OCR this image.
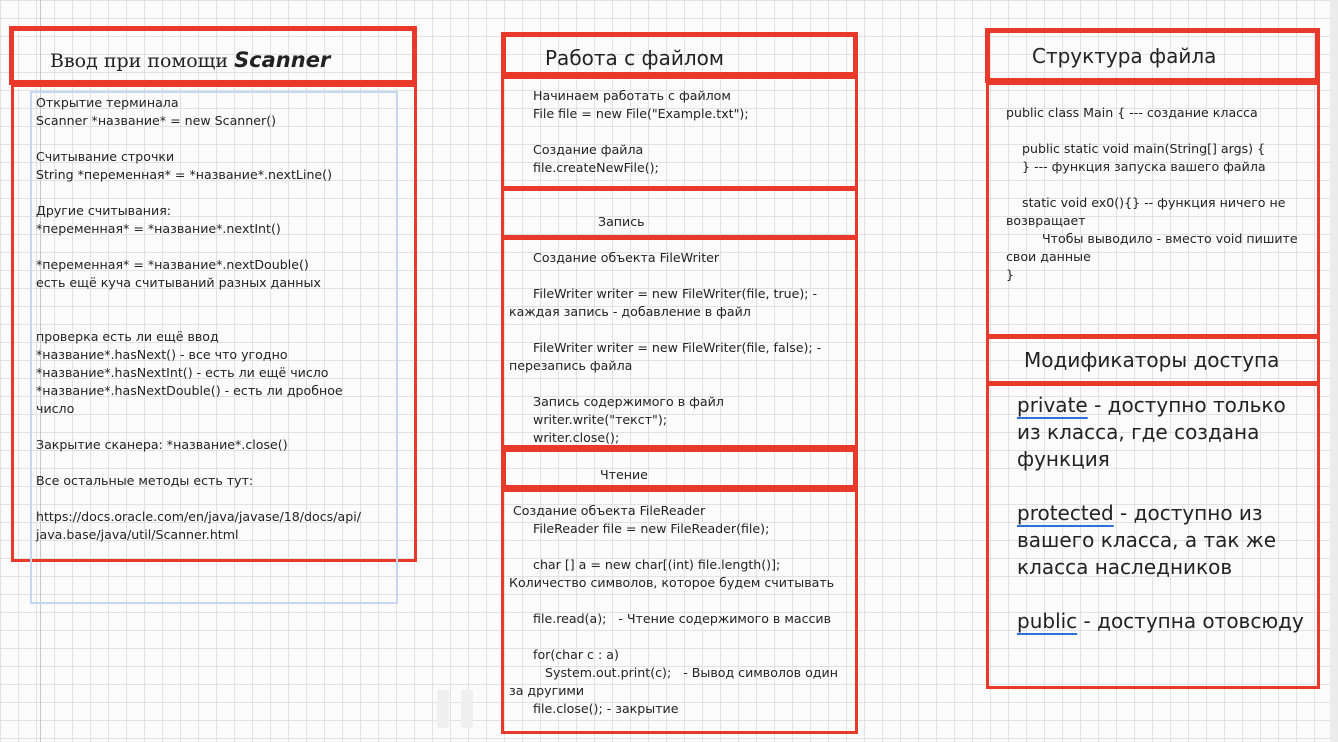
Ввод при помощи Scanner
Открытие терминала
Scanner *название* = new Scanner()
Считывание строчки
String *переменная* = *название*.nextLine()
Другие считывания:
*переменная* = *название*.nextInt()
*переменная* = *название*.nextDouble()
есть ещё куча считываний разных данных
проверка есть ли ещё ввод
*название*.hasNext() - все что угодно
*название*.hasNextInt() - есть ли ещё число
*название*.hasNextDouble() - есть ли дробное
число
Закрытие сканера: *название*.close()
Все остальные методы есть тут:
https://docs.oracle.com/en/java/javase/18/docs/api/
java.base/java/util/Scanner.html
Работа с файлом
Начинаем работать с файлом
File file = new File("Example.txt");
Создание файла
file.createNewFile();
Запись
Создание объекта FileWriter
FileWriter writer = new FileWriter(file, true); -
каждая запись - добавление в файл
FileWriter writer = new FileWriter(file, false); -
перезапись файла
Запись содержимого в файл
writer.write("текст");
writer.close();
Чтение
Создание объекта FileReader
FileReader file = new FileReader(file);
char [] a = new char[(int) file.length()];
Количество символов, которое будем считывать
file.read(a);   - Чтение содержимого в массив
for(char c : a)
System.out.print(c);   - Вывод символов один
за другими
file.close(); - закрытие
Структура файла
public class Main { --- создание класса
public static void main(String[] args) {
} --- функция запуска вашего файла
static void ex0(){} -- функция ничего не
возвращает
Чтобы выводило - вместо void пишите
свои данные
}
Модификаторы доступа
private - доступно только
из класса, где создана
функция
protected - доступно из
вашего класса, а так же
класса наследников
public - доступна отовсюду
